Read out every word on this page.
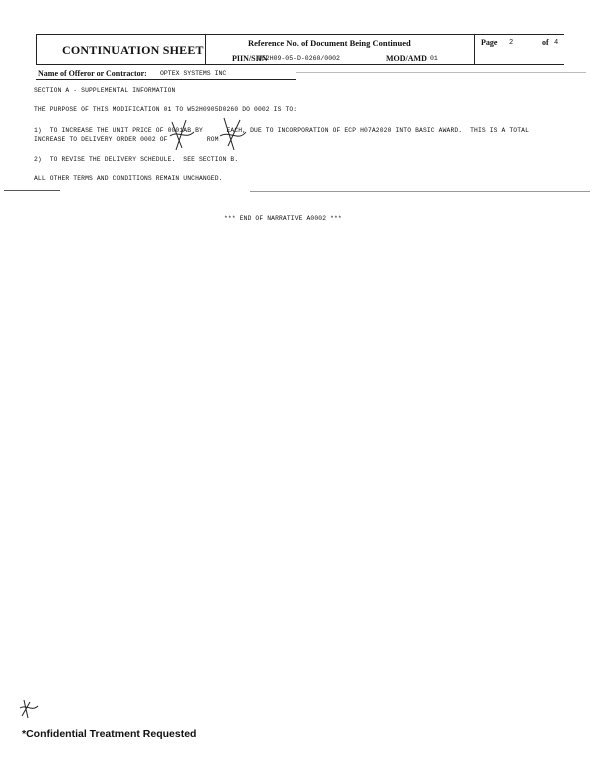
CONTINUATION SHEET	Reference No. of Document Being Continued
PIIN/SIIN
W52H09-05-D-0260/0002	MOD/AMD 01
Page 2	of 4
Name of Offeror or Contractor: OPTEX SYSTEMS INC
SECTION A - SUPPLEMENTAL INFORMATION
THE PURPOSE OF THIS MODIFICATION 01 TO W52H0905D0260 DO 0002 IS TO:
1)  TO INCREASE THE UNIT PRICE OF 0001AB BY      EACH, DUE TO INCORPORATION OF ECP H07A2020 INTO BASIC AWARD.  THIS IS A TOTAL
INCREASE TO DELIVERY ORDER 0002 OF          ROM
2)  TO REVISE THE DELIVERY SCHEDULE.  SEE SECTION B.
ALL OTHER TERMS AND CONDITIONS REMAIN UNCHANGED.
*** END OF NARRATIVE A0002 ***
*Confidential Treatment Requested
